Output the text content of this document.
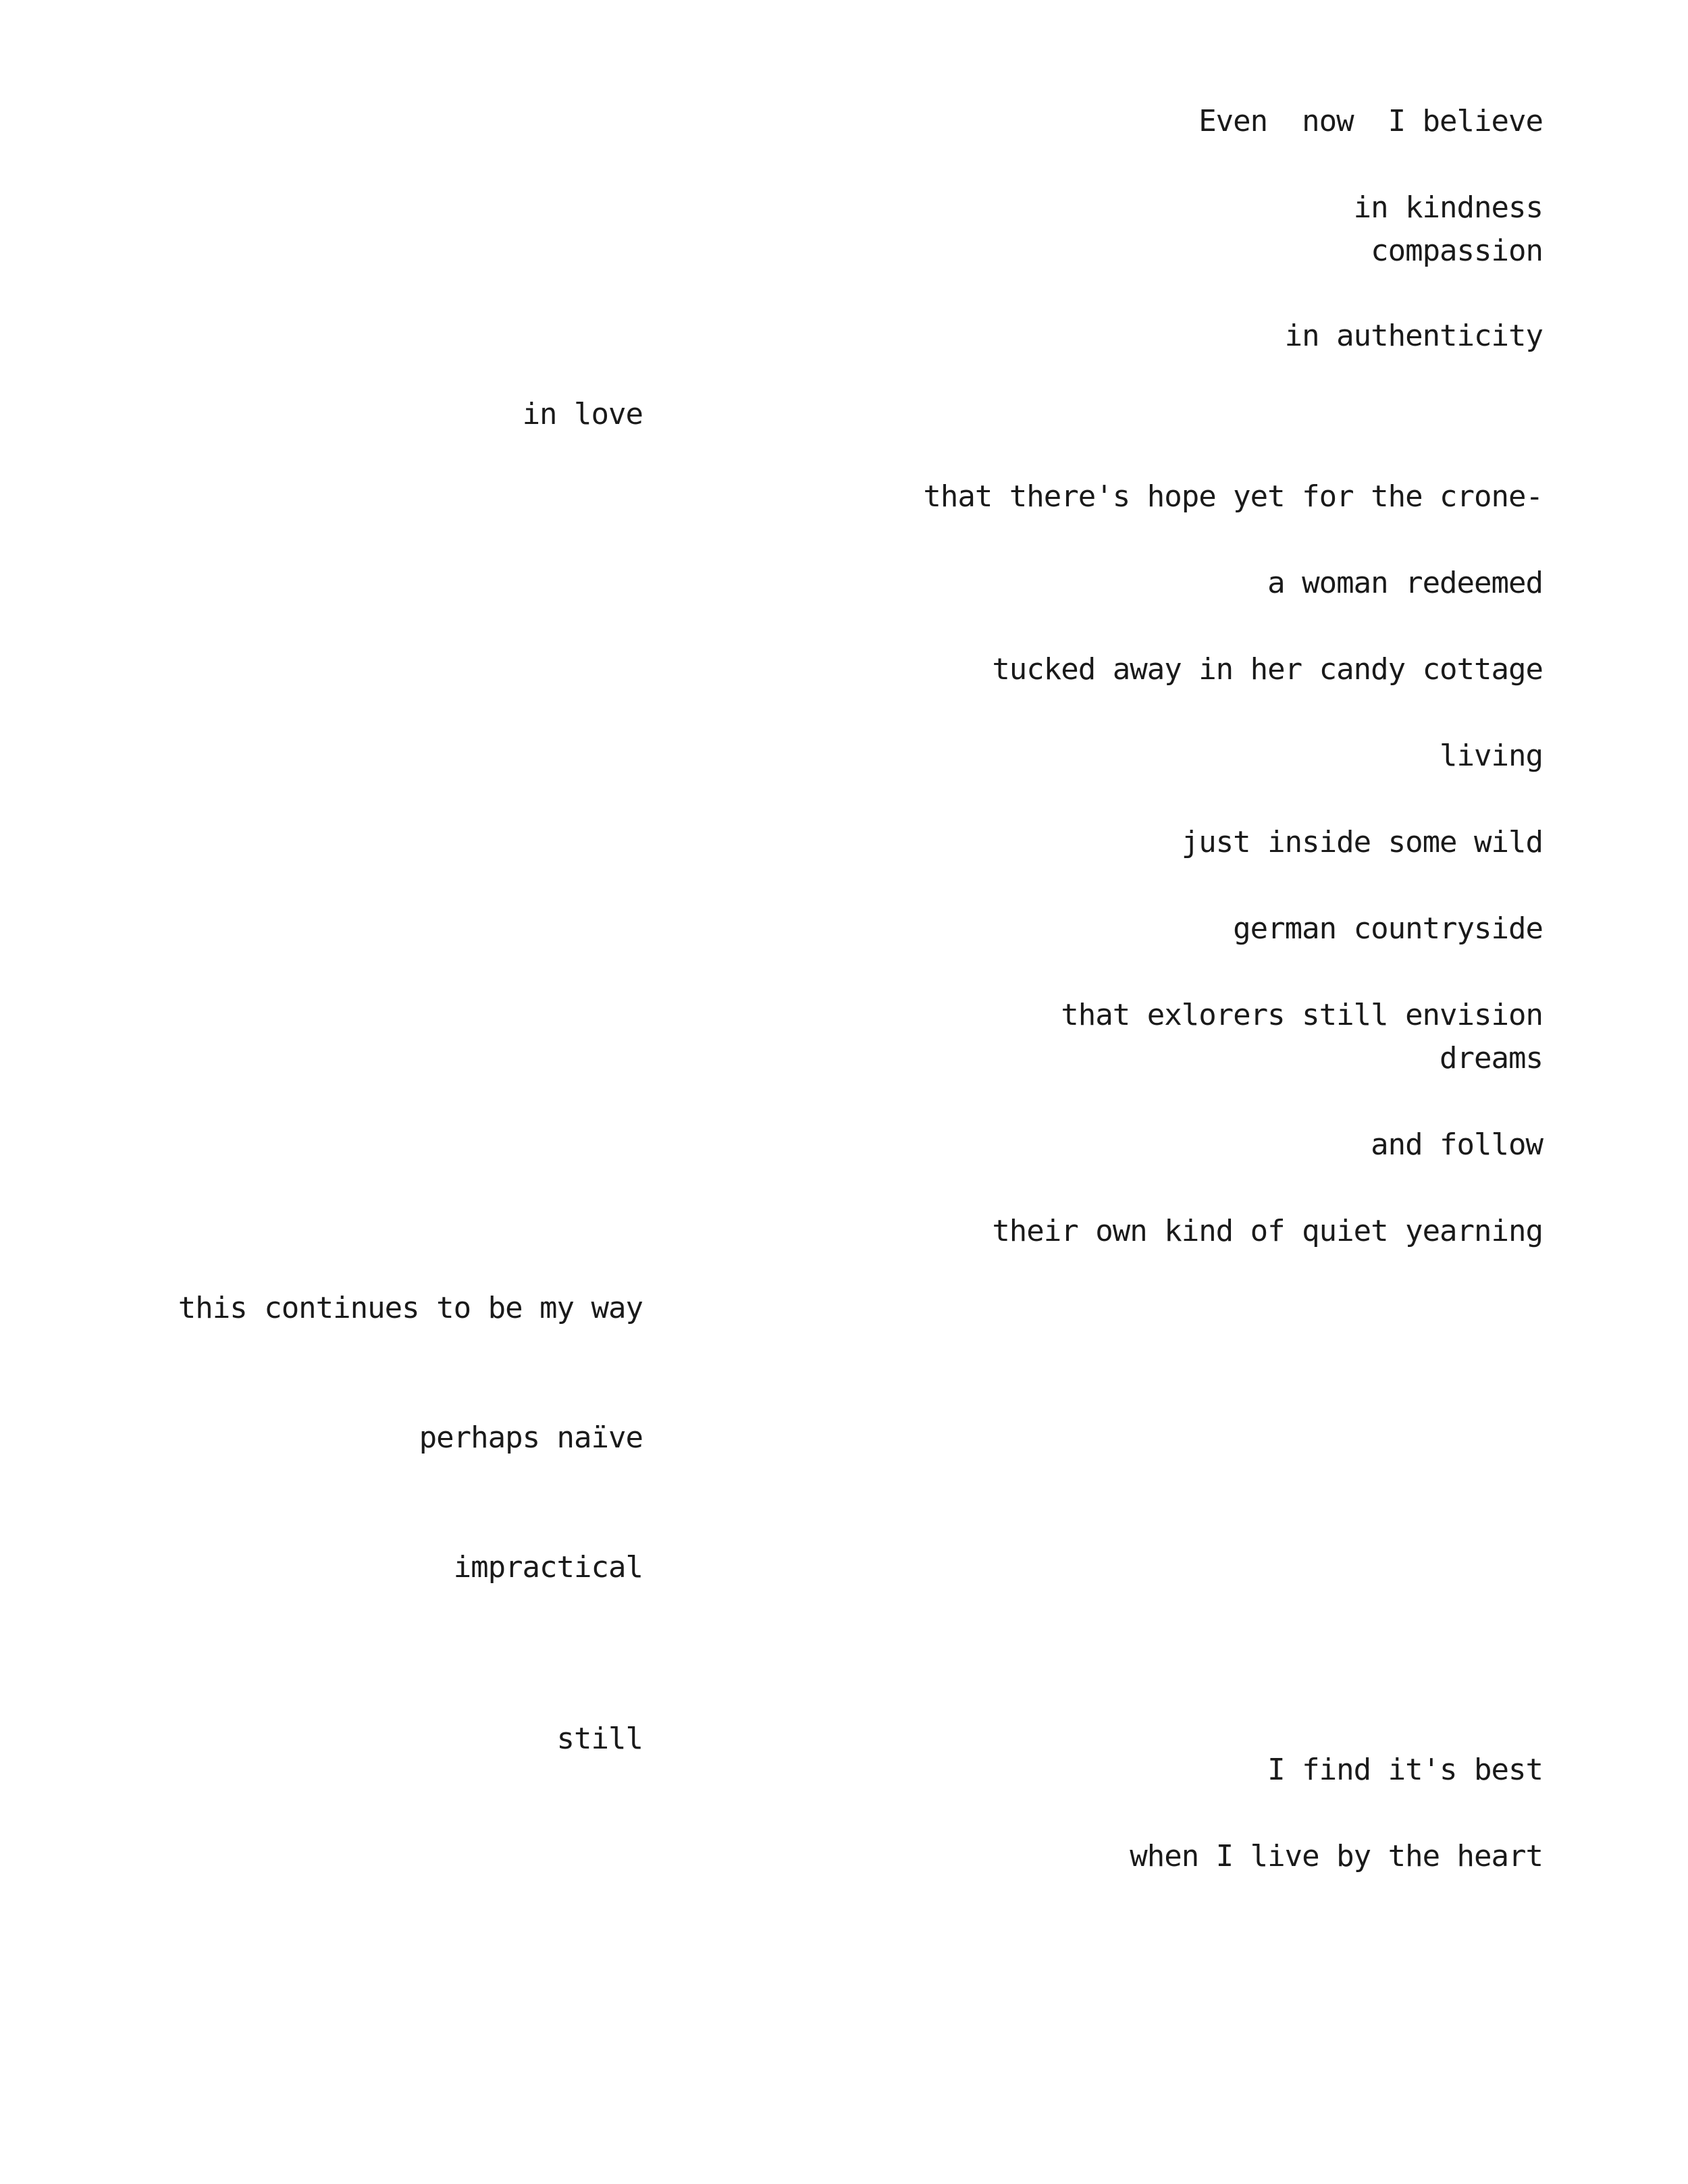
Even  now  I believe
in kindness
compassion
in authenticity
in love
that there's hope yet for the crone-
a woman redeemed
tucked away in her candy cottage
living
just inside some wild
german countryside
that exlorers still envision
dreams
and follow
their own kind of quiet yearning
this continues to be my way
perhaps naïve
impractical
still
I find it's best
when I live by the heart
